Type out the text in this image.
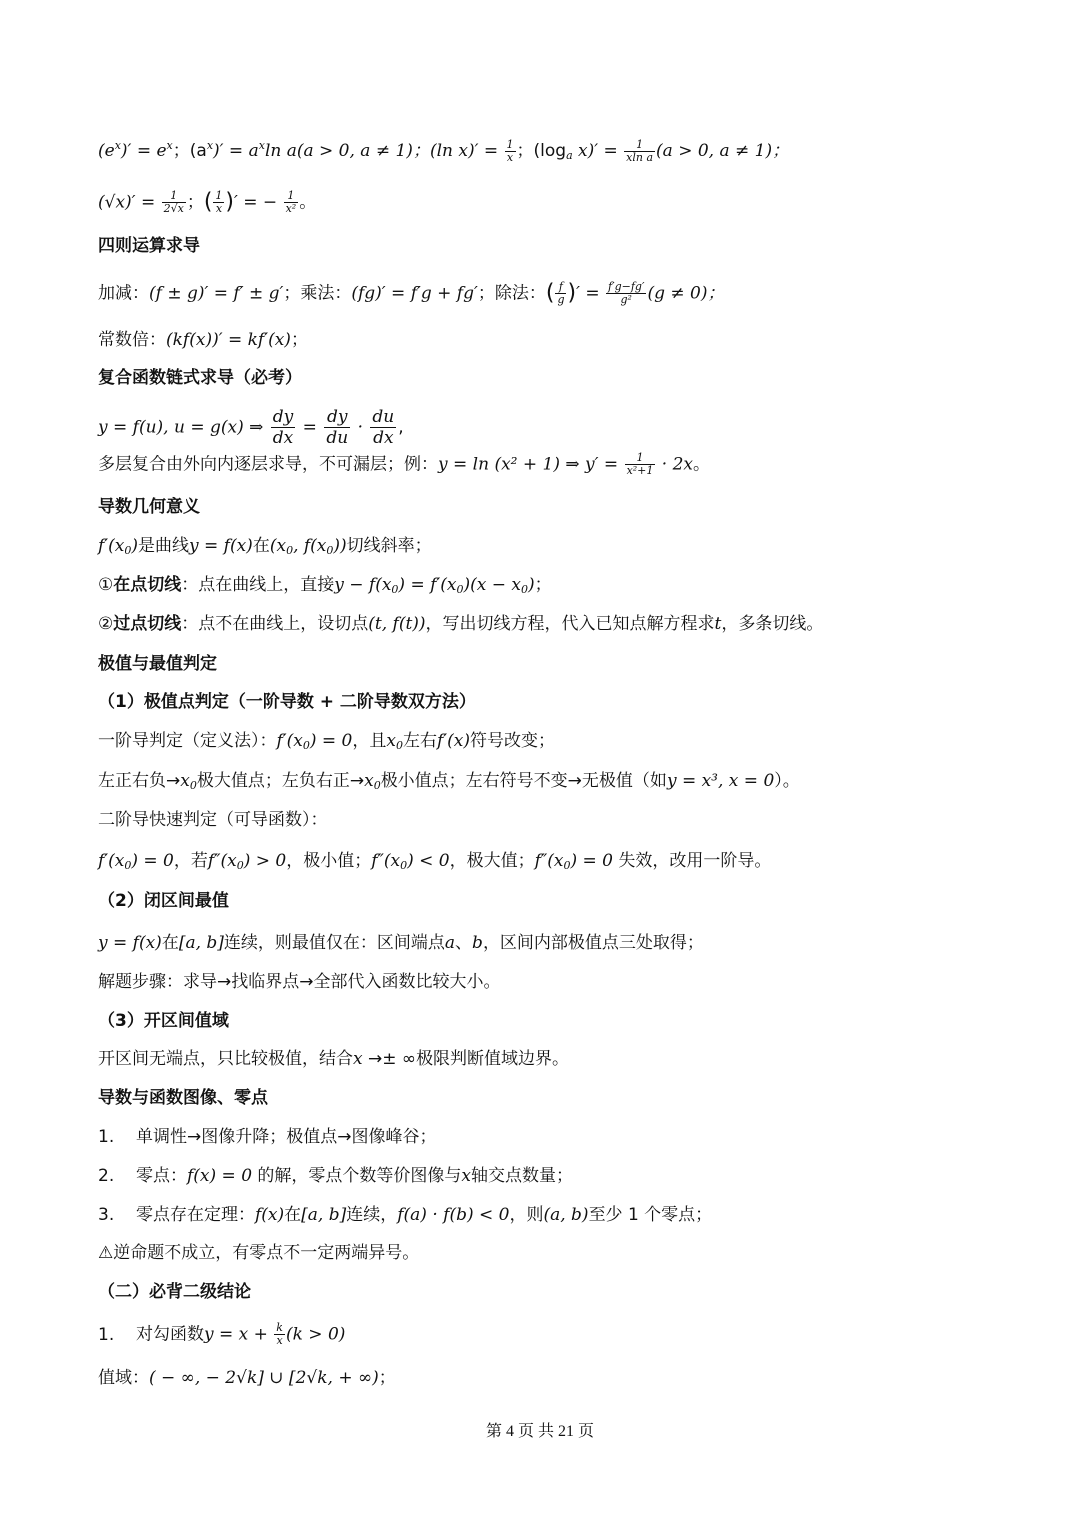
$(e^x)' = e^x$；$(a^x)' = a^x\ln$ a(a > 0, a ≠ 1)；(ln $x)' = \frac{1}{x}$ ；($\log_a$ $x)' = \frac{1}{\text{xln a}} (a > 0$, a ≠ 1)；
$(√x)' = \frac{1}{2√x}$ ；( $\frac{1}{x}$ )′ = − $\frac{1}{\text{x²}}$ 。
四则运算求导
加减：(f ± g)′ = f′ ± g′；乘法：(fg)′ = f′g + fg′；除法：( $\frac{f}{g}$ )′ = $\frac{f'g-fg'}{\text{g²}} (g \ne 0)$；
常数倍：(kf(x))′ = kf′(x)；
复合函数链式求导（必考）
y = f(u), u = g(x) ⇒ $\frac{dy}{dx} = \frac{dy}{du} \cdot \frac{du}{dx}$ ,
多层复合由外向内逐层求导，不可漏层；例：y = ln (x² + 1) ⇒ $y' = \frac{1}{\text{x²+1}} \cdot 2x$。
导数几何意义
$f'(x_0)$是曲线y = f(x)在($x_0$, $f(x_0)$)切线斜率；
①在点切线：点在曲线上，直接$y - f(x_0) = f'(x_0)(x - x_0)$；
②过点切线：点不在曲线上，设切点(t, f(t))，写出切线方程，代入已知点解方程求t，多条切线。
极值与最值判定
（1）极值点判定（一阶导数 + 二阶导数双方法）
一阶导判定（定义法）：$f'(x_0) = 0$，且$x_0$左右f′(x)符号改变；
左正右负$\to x_0$极大值点；左负右正$\to x_0$极小值点；左右符号不变→无极值（如y = x³, x = 0）。
二阶导快速判定（可导函数）：
$f'(x_0) = 0$，若$f''(x_0) > 0$，极小值；$f''(x_0) < 0$，极大值；$f''(x_0) = 0$ 失效，改用一阶导。
（2）闭区间最值
y = f(x)在[a, b]连续，则最值仅在：区间端点a、b，区间内部极值点三处取得；
解题步骤：求导→找临界点→全部代入函数比较大小。
（3）开区间值域
开区间无端点，只比较极值，结合x →± ∞极限判断值域边界。
导数与函数图像、零点
1. 单调性→图像升降；极值点→图像峰谷；
2. 零点：f(x) = 0 的解，零点个数等价图像与x轴交点数量；
3. 零点存在定理：f(x)在[a, b]连续，f(a) · f(b) < 0，则(a, b)至少 1 个零点；
⚠逆命题不成立，有零点不一定两端异号。
（二）必背二级结论
1. 对勾函数$y = x + \frac{k}{x} (k > 0)$
值域：( − ∞, − 2√k] ∪ [2√k, + ∞)；
第 4 页 共 21 页
